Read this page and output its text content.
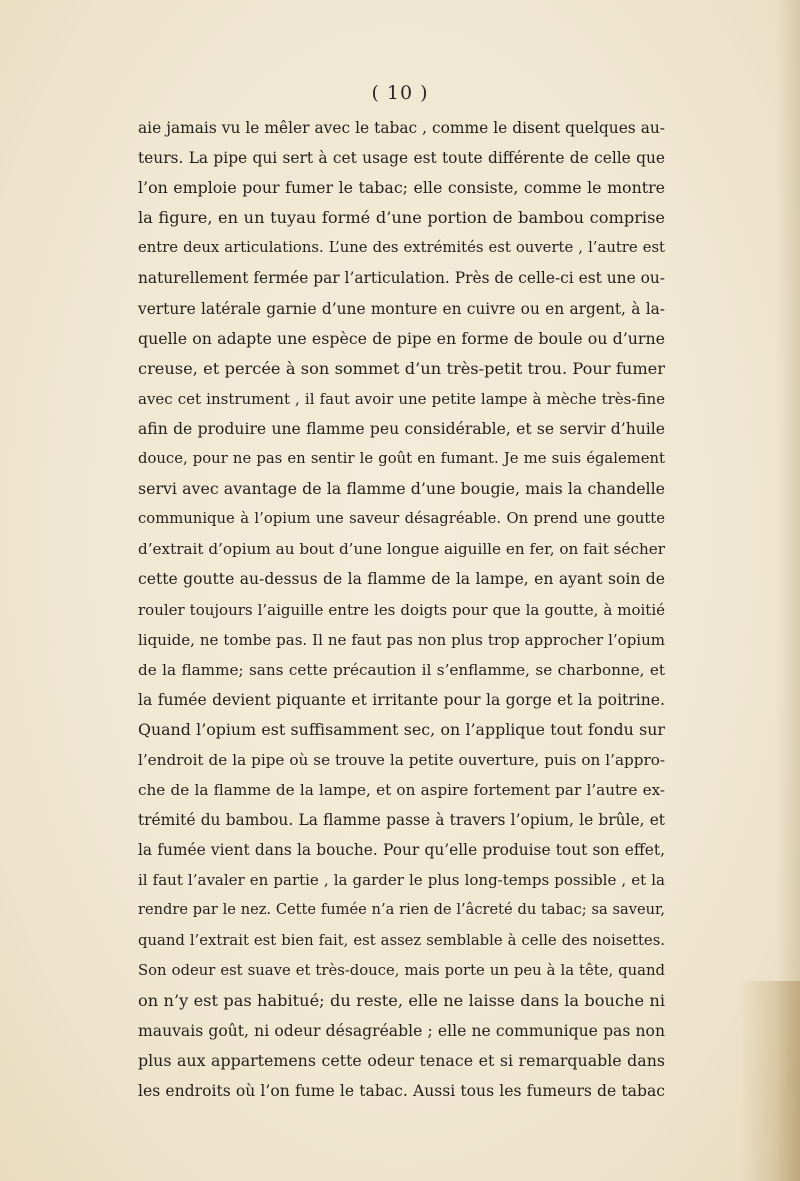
( 10 )
aie jamais vu le mêler avec le tabac , comme le disent quelques au-
teurs. La pipe qui sert à cet usage est toute différente de celle que
l’on emploie pour fumer le tabac; elle consiste, comme le montre
la figure, en un tuyau formé d’une portion de bambou comprise
entre deux articulations. L’une des extrémités est ouverte , l’autre est
naturellement fermée par l’articulation. Près de celle-ci est une ou-
verture latérale garnie d’une monture en cuivre ou en argent, à la-
quelle on adapte une espèce de pipe en forme de boule ou d’urne
creuse, et percée à son sommet d’un très-petit trou. Pour fumer
avec cet instrument , il faut avoir une petite lampe à mèche très-fine
afin de produire une flamme peu considérable, et se servir d’huile
douce, pour ne pas en sentir le goût en fumant. Je me suis également
servi avec avantage de la flamme d’une bougie, mais la chandelle
communique à l’opium une saveur désagréable. On prend une goutte
d’extrait d’opium au bout d’une longue aiguille en fer, on fait sécher
cette goutte au-dessus de la flamme de la lampe, en ayant soin de
rouler toujours l’aiguille entre les doigts pour que la goutte, à moitié
liquide, ne tombe pas. Il ne faut pas non plus trop approcher l’opium
de la flamme; sans cette précaution il s’enflamme, se charbonne, et
la fumée devient piquante et irritante pour la gorge et la poitrine.
Quand l’opium est suffisamment sec, on l’applique tout fondu sur
l’endroit de la pipe où se trouve la petite ouverture, puis on l’appro-
che de la flamme de la lampe, et on aspire fortement par l’autre ex-
trémité du bambou. La flamme passe à travers l’opium, le brûle, et
la fumée vient dans la bouche. Pour qu’elle produise tout son effet,
il faut l’avaler en partie , la garder le plus long-temps possible , et la
rendre par le nez. Cette fumée n’a rien de l’âcreté du tabac; sa saveur,
quand l’extrait est bien fait, est assez semblable à celle des noisettes.
Son odeur est suave et très-douce, mais porte un peu à la tête, quand
on n’y est pas habitué; du reste, elle ne laisse dans la bouche ni
mauvais goût, ni odeur désagréable ; elle ne communique pas non
plus aux appartemens cette odeur tenace et si remarquable dans
les endroits où l’on fume le tabac. Aussi tous les fumeurs de tabac
